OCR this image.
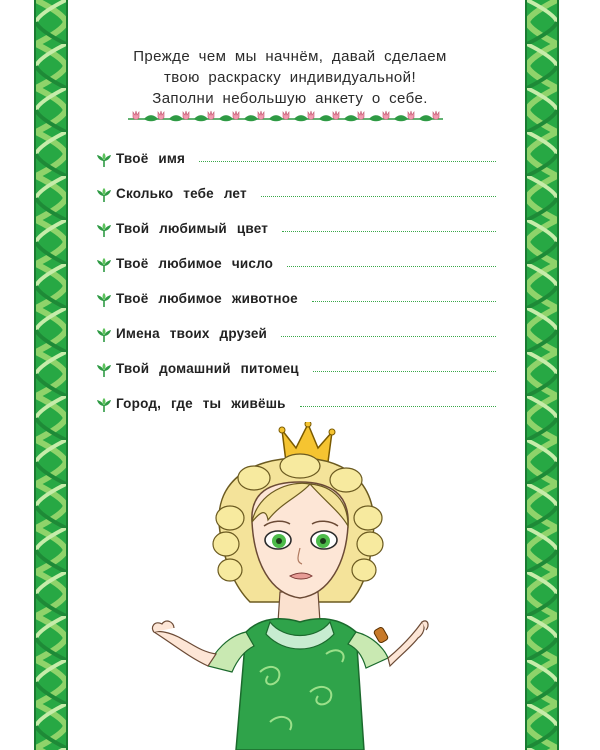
Прежде чем мы начнём, давай сделаем
твою раскраску индивидуальной!
Заполни небольшую анкету о себе.
Твоё имя
Сколько тебе лет
Твой любимый цвет
Твоё любимое число
Твоё любимое животное
Имена твоих друзей
Твой домашний питомец
Город, где ты живёшь
